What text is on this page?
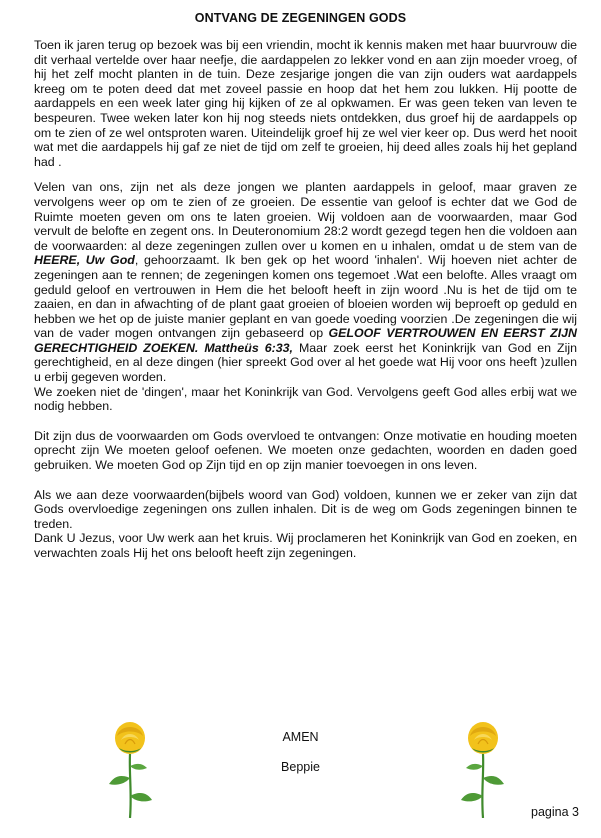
ONTVANG DE ZEGENINGEN GODS

Toen ik jaren terug op bezoek was bij een vriendin, mocht ik kennis maken met haar buurvrouw die dit verhaal vertelde over haar neefje, die aardappelen zo lekker vond en aan zijn moeder vroeg, of hij het zelf mocht planten in de tuin. Deze zesjarige jongen die van zijn ouders wat aardappels kreeg om te poten deed dat met zoveel passie en hoop dat het hem zou lukken. Hij pootte de aardappels en een week later ging hij kijken of ze al opkwamen. Er was geen teken van leven te bespeuren. Twee weken later kon hij nog steeds niets ontdekken, dus groef hij de aardappels op om te zien of ze wel ontsproten waren. Uiteindelijk groef hij ze wel vier keer op. Dus werd het nooit wat met die aardappels hij gaf ze niet de tijd om zelf te groeien, hij deed alles zoals hij het gepland had .

Velen van ons, zijn net als deze jongen we planten aardappels in geloof, maar graven ze vervolgens weer op om te zien of ze groeien. De essentie van geloof is echter dat we God de Ruimte moeten geven om ons te laten groeien. Wij voldoen aan de voorwaarden, maar God vervult de belofte en zegent ons. In Deuteronomium 28:2 wordt gezegd tegen hen die voldoen aan de voorwaarden: al deze zegeningen zullen over u komen en u inhalen, omdat u de stem van de HEERE, Uw God, gehoorzaamt. Ik ben gek op het woord 'inhalen'. Wij hoeven niet achter de zegeningen aan te rennen; de zegeningen komen ons tegemoet .Wat een belofte. Alles vraagt om geduld geloof en vertrouwen in Hem die het belooft heeft in zijn woord .Nu is het de tijd om te zaaien, en dan in afwachting of de plant gaat groeien of bloeien worden wij beproeft op geduld en hebben we het op de juiste manier geplant en van goede voeding voorzien .De zegeningen die wij van de vader mogen ontvangen zijn gebaseerd op GELOOF VERTROUWEN EN EERST ZIJN GERECHTIGHEID ZOEKEN. Mattheüs 6:33, Maar zoek eerst het Koninkrijk van God en Zijn gerechtigheid, en al deze dingen (hier spreekt God over al het goede wat Hij voor ons heeft )zullen u erbij gegeven worden.

We zoeken niet de 'dingen', maar het Koninkrijk van God. Vervolgens geeft God alles erbij wat we nodig hebben.

Dit zijn dus de voorwaarden om Gods overvloed te ontvangen: Onze motivatie en houding moeten oprecht zijn We moeten geloof oefenen. We moeten onze gedachten, woorden en daden goed gebruiken. We moeten God op Zijn tijd en op zijn manier toevoegen in ons leven.

Als we aan deze voorwaarden(bijbels woord van God) voldoen, kunnen we er zeker van zijn dat Gods overvloedige zegeningen ons zullen inhalen. Dit is de weg om Gods zegeningen binnen te treden.

Dank U Jezus, voor Uw werk aan het kruis. Wij proclameren het Koninkrijk van God en zoeken, en verwachten zoals Hij het ons belooft heeft zijn zegeningen.

AMEN
Beppie
pagina 3
